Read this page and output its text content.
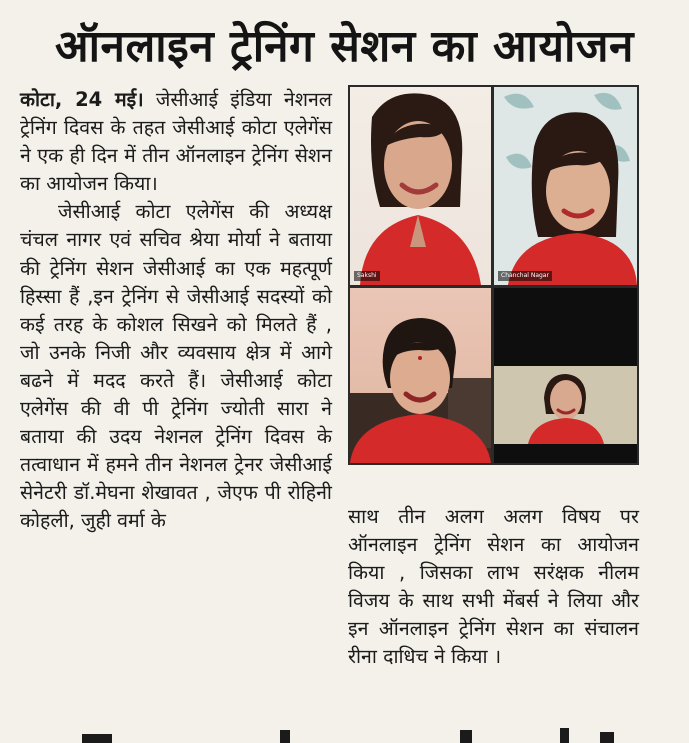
ऑनलाइन ट्रेनिंग सेशन का आयोजन

कोटा, 24 मई। जेसीआई इंडिया नेशनल ट्रेनिंग दिवस के तहत जेसीआई कोटा एलेगेंस ने एक ही दिन में तीन ऑनलाइन ट्रेनिंग सेशन का आयोजन किया।

जेसीआई कोटा एलेगेंस की अध्यक्ष चंचल नागर एवं सचिव श्रेया मोर्या ने बताया की ट्रेनिंग सेशन जेसीआई का एक महत्पूर्ण हिस्सा हैं ,इन ट्रेनिंग से जेसीआई सदस्यों को कई तरह के कोशल सिखने को मिलते हैं , जो उनके निजी और व्यवसाय क्षेत्र में आगे बढने में मदद करते हैं। जेसीआई कोटा एलेगेंस की वी पी ट्रेनिंग ज्योती सारा ने बताया की उदय नेशनल ट्रेनिंग दिवस के तत्वाधान में हमने तीन नेशनल ट्रेनर जेसीआई सेनेटरी डॉ.मेघना शेखावत , जेएफ पी रोहिनी कोहली, जुही वर्मा के

Sakshi	Chanchal Nagar

साथ तीन अलग अलग विषय पर ऑनलाइन ट्रेनिंग सेशन का आयोजन किया , जिसका लाभ सरंक्षक नीलम विजय के साथ सभी मेंबर्स ने लिया और इन ऑनलाइन ट्रेनिंग सेशन का संचालन रीना दाधिच ने किया ।
